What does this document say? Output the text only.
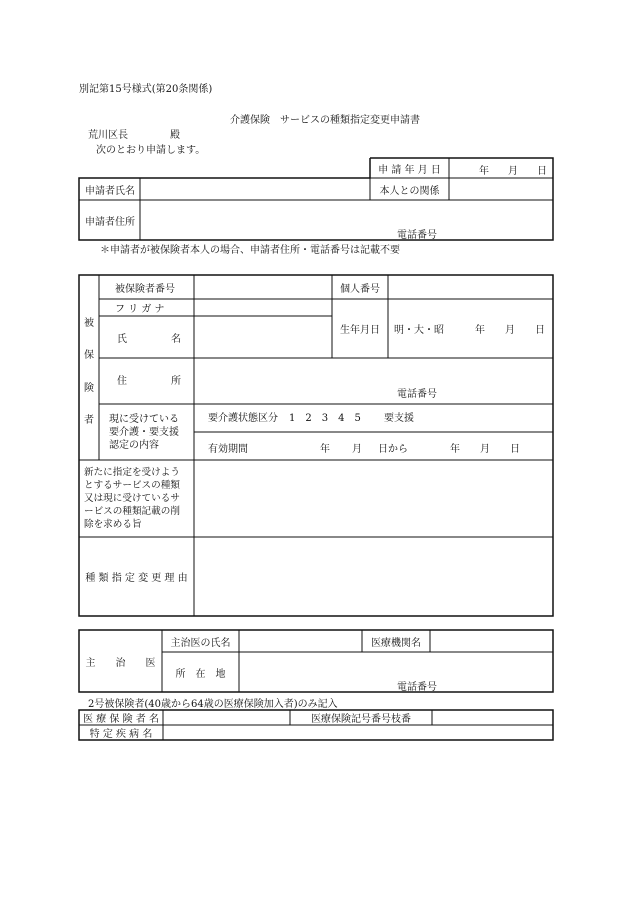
別記第15号様式(第20条関係)
介護保険　サービスの種類指定変更申請書
荒川区長	殿
次のとおり申請します。
申 請 年 月 日	年 月 日
申請者氏名	本人との関係
申請者住所
電話番号
＊申請者が被保険者本人の場合、申請者住所・電話番号は記載不要
被
保
険
者
被保険者番号	個人番号
フ リ ガ ナ
氏	名
生年月日	明・大・昭	年 月 日
住	所
電話番号
現に受けている
要介護・要支援
認定の内容
要介護状態区分 1　2　3　4　5 要支援
有効期間	年 月 日から	年 月 日
新たに指定を受けよう
とするサービスの種類
又は現に受けているサ
ービスの種類記載の削
除を求める旨
種 類 指 定 変 更 理 由
主　　治　　医
主治医の氏名	医療機関名
所　在　地
電話番号
2号被保険者(40歳から64歳の医療保険加入者)のみ記入
医 療 保 険 者 名	医療保険記号番号枝番
特 定 疾 病 名
